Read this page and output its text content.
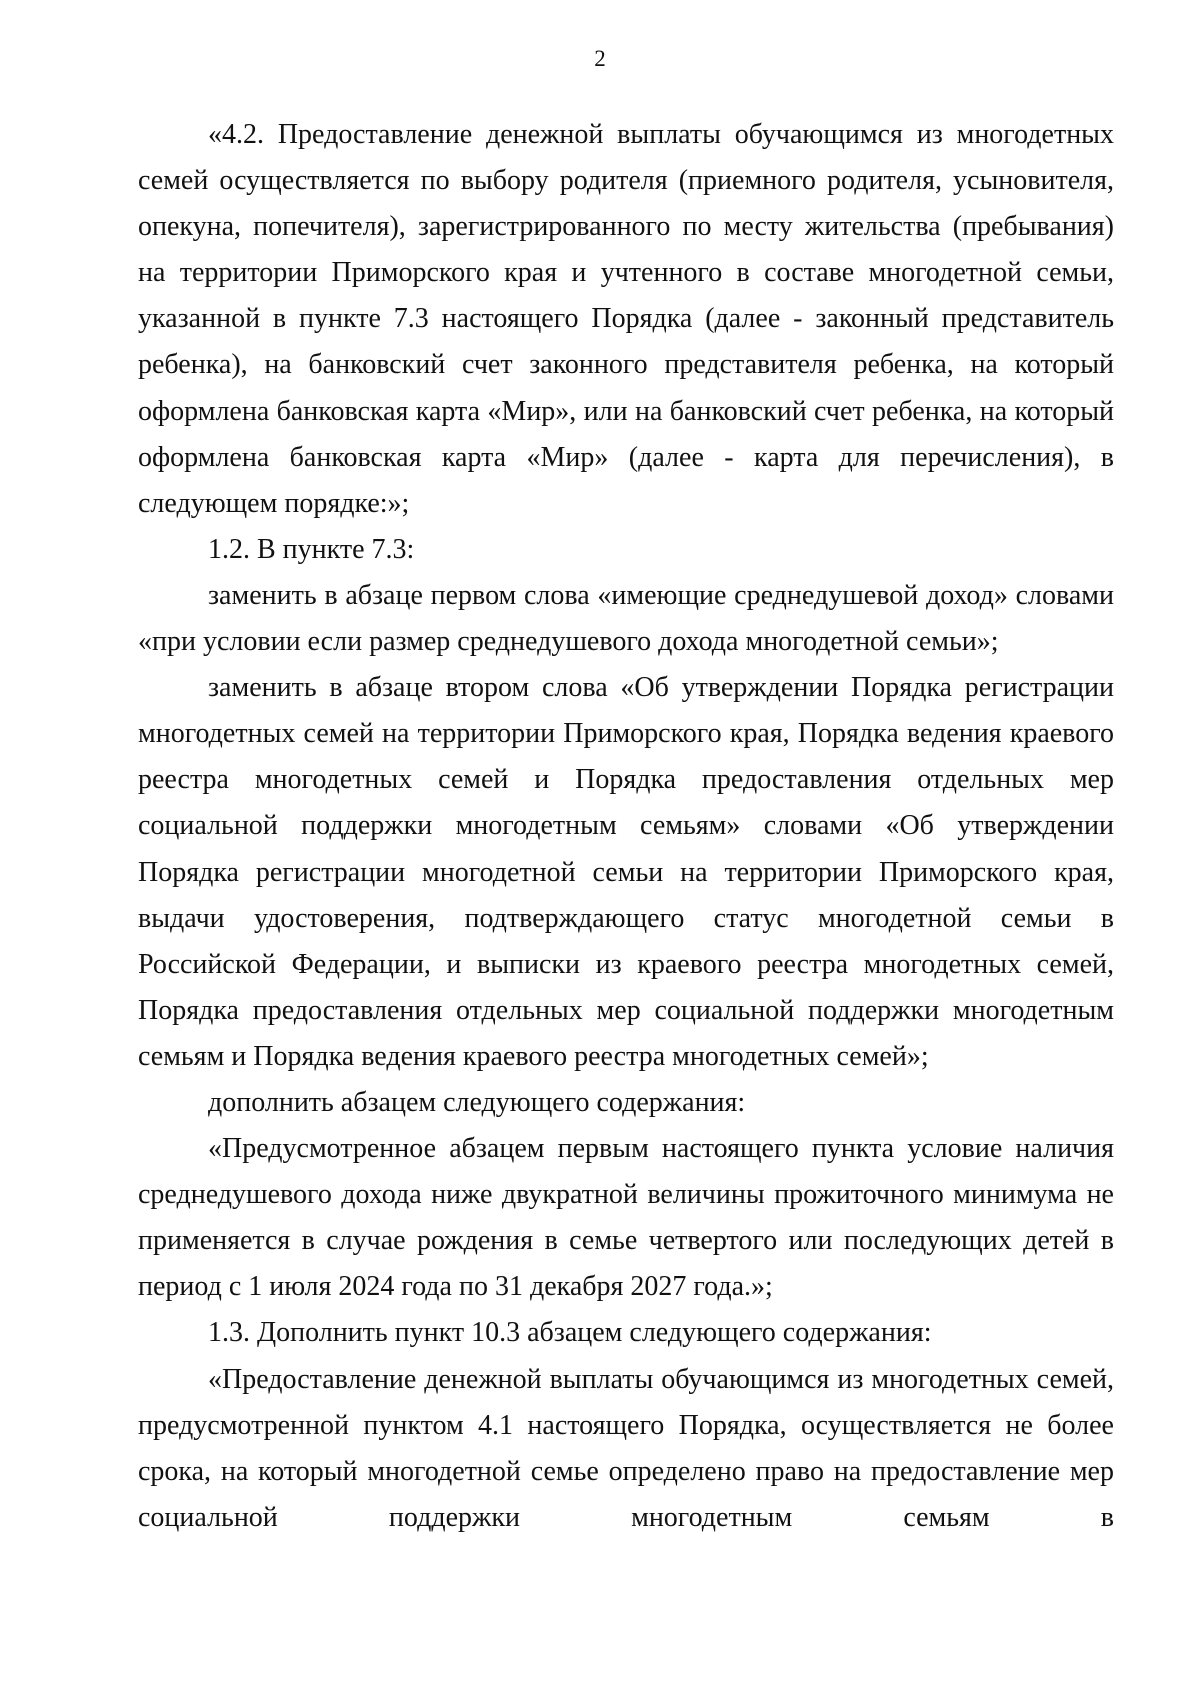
2

«4.2. Предоставление денежной выплаты обучающимся из многодетных семей осуществляется по выбору родителя (приемного родителя, усыновителя, опекуна, попечителя), зарегистрированного по месту жительства (пребывания) на территории Приморского края и учтенного в составе многодетной семьи, указанной в пункте 7.3 настоящего Порядка (далее - законный представитель ребенка), на банковский счет законного представителя ребенка, на который оформлена банковская карта «Мир», или на банковский счет ребенка, на который оформлена банковская карта «Мир» (далее - карта для перечисления), в следующем порядке:»;

1.2. В пункте 7.3:

заменить в абзаце первом слова «имеющие среднедушевой доход» словами «при условии если размер среднедушевого дохода многодетной семьи»;

заменить в абзаце втором слова «Об утверждении Порядка регистрации многодетных семей на территории Приморского края, Порядка ведения краевого реестра многодетных семей и Порядка предоставления отдельных мер социальной поддержки многодетным семьям» словами «Об утверждении Порядка регистрации многодетной семьи на территории Приморского края, выдачи удостоверения, подтверждающего статус многодетной семьи в Российской Федерации, и выписки из краевого реестра многодетных семей, Порядка предоставления отдельных мер социальной поддержки многодетным семьям и Порядка ведения краевого реестра многодетных семей»;

дополнить абзацем следующего содержания:

«Предусмотренное абзацем первым настоящего пункта условие наличия среднедушевого дохода ниже двукратной величины прожиточного минимума не применяется в случае рождения в семье четвертого или последующих детей в период с 1 июля 2024 года по 31 декабря 2027 года.»;

1.3. Дополнить пункт 10.3 абзацем следующего содержания:

«Предоставление денежной выплаты обучающимся из многодетных семей, предусмотренной пунктом 4.1 настоящего Порядка, осуществляется не более срока, на который многодетной семье определено право на предоставление мер социальной поддержки многодетным семьям в
